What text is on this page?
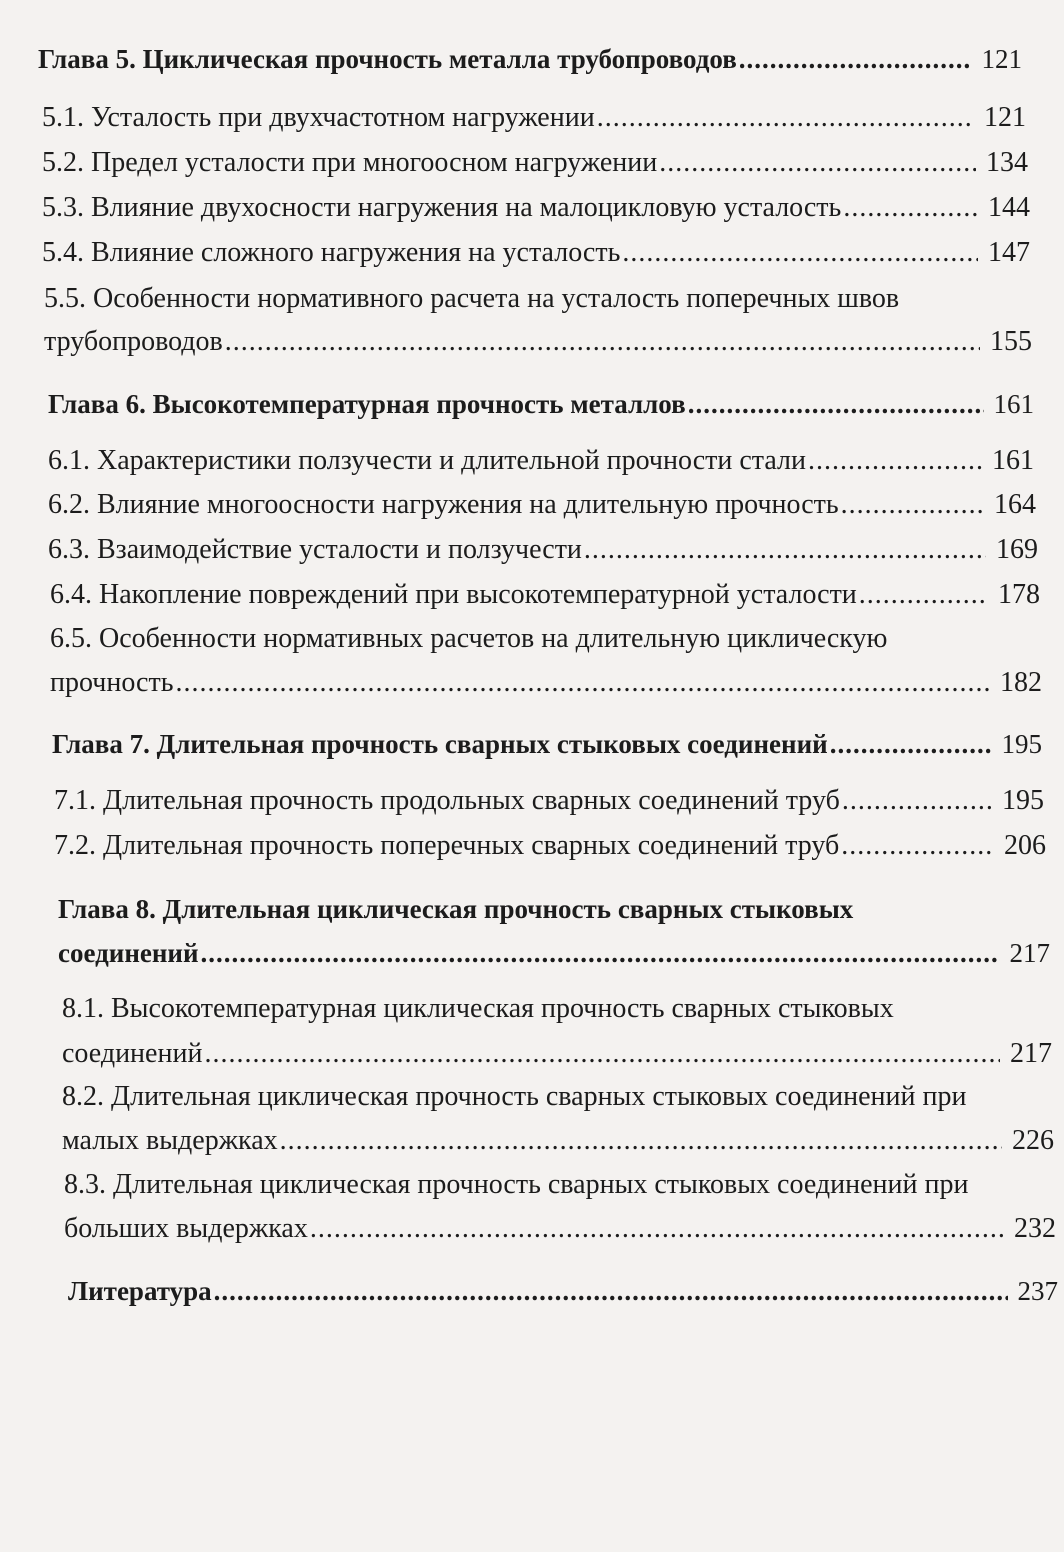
Глава 5. Циклическая прочность металла трубопроводов .....	121
5.1. Усталость при двухчастотном нагружении .....	121
5.2. Предел усталости при многоосном нагружении .....	134
5.3. Влияние двухосности нагружения на малоцикловую усталость .....	144
5.4. Влияние сложного нагружения на усталость .....	147
5.5. Особенности нормативного расчета на усталость поперечных швов
трубопроводов .....	155
Глава 6. Высокотемпературная прочность металлов .....	161
6.1. Характеристики ползучести и длительной прочности стали .....	161
6.2. Влияние многоосности нагружения на длительную прочность .....	164
6.3. Взаимодействие усталости и ползучести .....	169
6.4. Накопление повреждений при высокотемпературной усталости .....	178
6.5. Особенности нормативных расчетов на длительную циклическую
прочность .....	182
Глава 7. Длительная прочность сварных стыковых соединений .....	195
7.1. Длительная прочность продольных сварных соединений труб .....	195
7.2. Длительная прочность поперечных сварных соединений труб .....	206
Глава 8. Длительная циклическая прочность сварных стыковых
соединений .....	217
8.1. Высокотемпературная циклическая прочность сварных стыковых
соединений .....	217
8.2. Длительная циклическая прочность сварных стыковых соединений при
малых выдержках .....	226
8.3. Длительная циклическая прочность сварных стыковых соединений при
больших выдержках .....	232
Литература .....	237
